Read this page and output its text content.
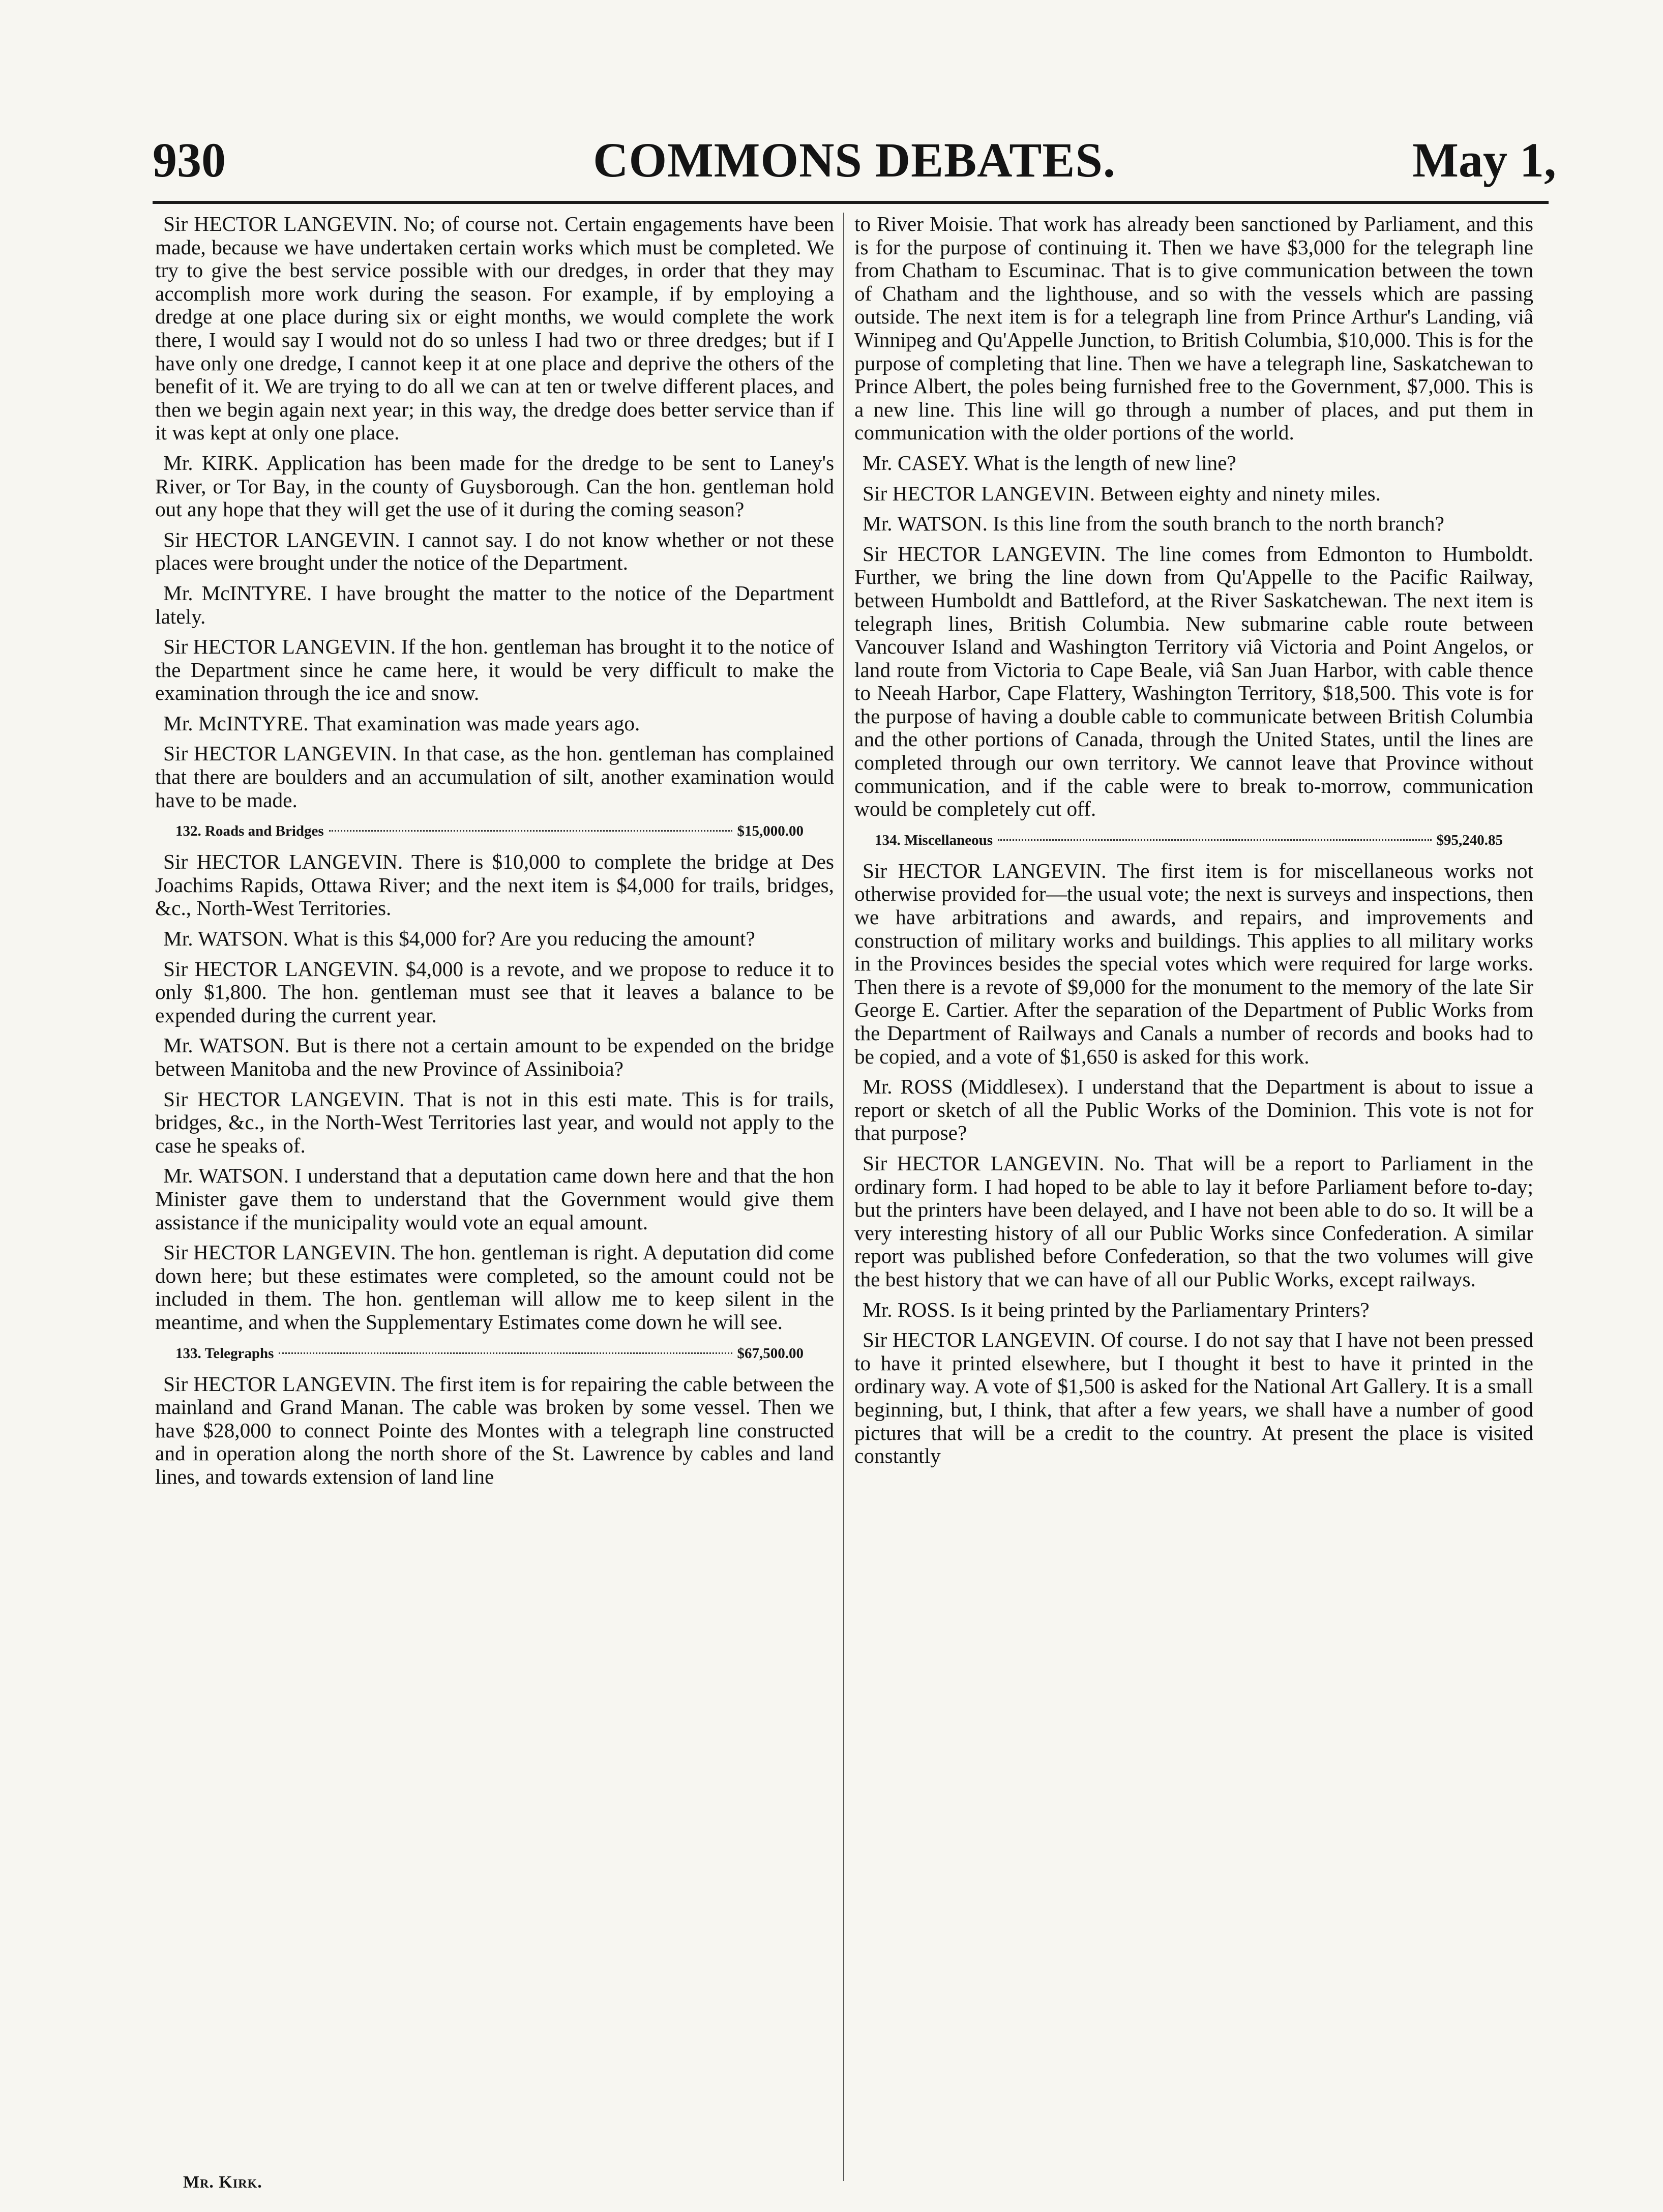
930	COMMONS DEBATES.	May 1,

Sir HECTOR LANGEVIN. No; of course not. Certain engagements have been made, because we have undertaken certain works which must be completed. We try to give the best service possible with our dredges, in order that they may accomplish more work during the season. For example, if by employing a dredge at one place during six or eight months, we would complete the work there, I would say I would not do so unless I had two or three dredges; but if I have only one dredge, I cannot keep it at one place and deprive the others of the benefit of it. We are trying to do all we can at ten or twelve different places, and then we begin again next year; in this way, the dredge does better service than if it was kept at only one place.

Mr. KIRK. Application has been made for the dredge to be sent to Laney's River, or Tor Bay, in the county of Guysborough. Can the hon. gentleman hold out any hope that they will get the use of it during the coming season?

Sir HECTOR LANGEVIN. I cannot say. I do not know whether or not these places were brought under the notice of the Department.

Mr. McINTYRE. I have brought the matter to the notice of the Department lately.

Sir HECTOR LANGEVIN. If the hon. gentleman has brought it to the notice of the Department since he came here, it would be very difficult to make the examination through the ice and snow.

Mr. McINTYRE. That examination was made years ago.

Sir HECTOR LANGEVIN. In that case, as the hon. gentleman has complained that there are boulders and an accumulation of silt, another examination would have to be made.

132. Roads and Bridges	$15,000.00

Sir HECTOR LANGEVIN. There is $10,000 to complete the bridge at Des Joachims Rapids, Ottawa River; and the next item is $4,000 for trails, bridges, &c., North-West Territories.

Mr. WATSON. What is this $4,000 for? Are you reducing the amount?

Sir HECTOR LANGEVIN. $4,000 is a revote, and we propose to reduce it to only $1,800. The hon. gentleman must see that it leaves a balance to be expended during the current year.

Mr. WATSON. But is there not a certain amount to be expended on the bridge between Manitoba and the new Province of Assiniboia?

Sir HECTOR LANGEVIN. That is not in this esti mate. This is for trails, bridges, &c., in the North-West Territories last year, and would not apply to the case he speaks of.

Mr. WATSON. I understand that a deputation came down here and that the hon Minister gave them to understand that the Government would give them assistance if the municipality would vote an equal amount.

Sir HECTOR LANGEVIN. The hon. gentleman is right. A deputation did come down here; but these estimates were completed, so the amount could not be included in them. The hon. gentleman will allow me to keep silent in the meantime, and when the Supplementary Estimates come down he will see.

133. Telegraphs	$67,500.00

Sir HECTOR LANGEVIN. The first item is for repairing the cable between the mainland and Grand Manan. The cable was broken by some vessel. Then we have $28,000 to connect Pointe des Montes with a telegraph line constructed and in operation along the north shore of the St. Lawrence by cables and land lines, and towards extension of land line

to River Moisie. That work has already been sanctioned by Parliament, and this is for the purpose of continuing it. Then we have $3,000 for the telegraph line from Chatham to Escuminac. That is to give communication between the town of Chatham and the lighthouse, and so with the vessels which are passing outside. The next item is for a telegraph line from Prince Arthur's Landing, viâ Winnipeg and Qu'Appelle Junction, to British Columbia, $10,000. This is for the purpose of completing that line. Then we have a telegraph line, Saskatchewan to Prince Albert, the poles being furnished free to the Government, $7,000. This is a new line. This line will go through a number of places, and put them in communication with the older portions of the world.

Mr. CASEY. What is the length of new line?

Sir HECTOR LANGEVIN. Between eighty and ninety miles.

Mr. WATSON. Is this line from the south branch to the north branch?

Sir HECTOR LANGEVIN. The line comes from Edmonton to Humboldt. Further, we bring the line down from Qu'Appelle to the Pacific Railway, between Humboldt and Battleford, at the River Saskatchewan. The next item is telegraph lines, British Columbia. New submarine cable route between Vancouver Island and Washington Territory viâ Victoria and Point Angelos, or land route from Victoria to Cape Beale, viâ San Juan Harbor, with cable thence to Neeah Harbor, Cape Flattery, Washington Territory, $18,500. This vote is for the purpose of having a double cable to communicate between British Columbia and the other portions of Canada, through the United States, until the lines are completed through our own territory. We cannot leave that Province without communication, and if the cable were to break to-morrow, communication would be completely cut off.

134. Miscellaneous	$95,240.85

Sir HECTOR LANGEVIN. The first item is for miscellaneous works not otherwise provided for—the usual vote; the next is surveys and inspections, then we have arbitrations and awards, and repairs, and improvements and construction of military works and buildings. This applies to all military works in the Provinces besides the special votes which were required for large works. Then there is a revote of $9,000 for the monument to the memory of the late Sir George E. Cartier. After the separation of the Department of Public Works from the Department of Railways and Canals a number of records and books had to be copied, and a vote of $1,650 is asked for this work.

Mr. ROSS (Middlesex). I understand that the Department is about to issue a report or sketch of all the Public Works of the Dominion. This vote is not for that purpose?

Sir HECTOR LANGEVIN. No. That will be a report to Parliament in the ordinary form. I had hoped to be able to lay it before Parliament before to-day; but the printers have been delayed, and I have not been able to do so. It will be a very interesting history of all our Public Works since Confederation. A similar report was published before Confederation, so that the two volumes will give the best history that we can have of all our Public Works, except railways.

Mr. ROSS. Is it being printed by the Parliamentary Printers?

Sir HECTOR LANGEVIN. Of course. I do not say that I have not been pressed to have it printed elsewhere, but I thought it best to have it printed in the ordinary way. A vote of $1,500 is asked for the National Art Gallery. It is a small beginning, but, I think, that after a few years, we shall have a number of good pictures that will be a credit to the country. At present the place is visited constantly

Mr. Kirk.
